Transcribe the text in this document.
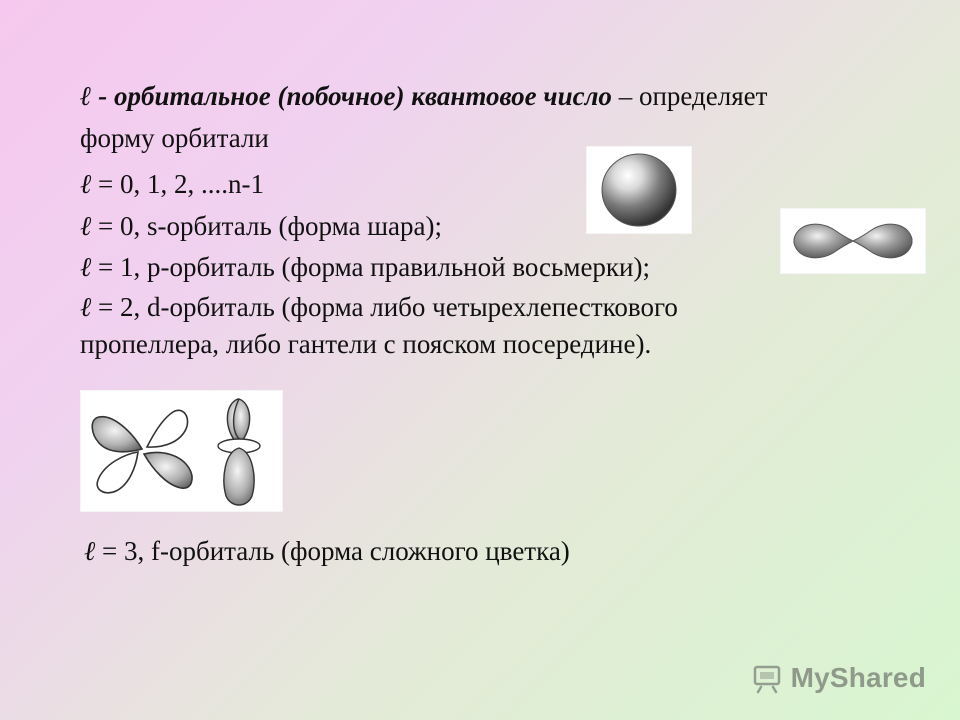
ℓ - орбитальное (побочное) квантовое число – определяет
форму орбитали
ℓ = 0, 1, 2, ....n-1
ℓ = 0, s-орбиталь (форма шара);
ℓ = 1, р-орбиталь (форма правильной восьмерки);
ℓ = 2, d-орбиталь (форма либо четырехлепесткового
пропеллера, либо гантели с пояском посередине).
ℓ = 3, f-орбиталь (форма сложного цветка)
MyShared
